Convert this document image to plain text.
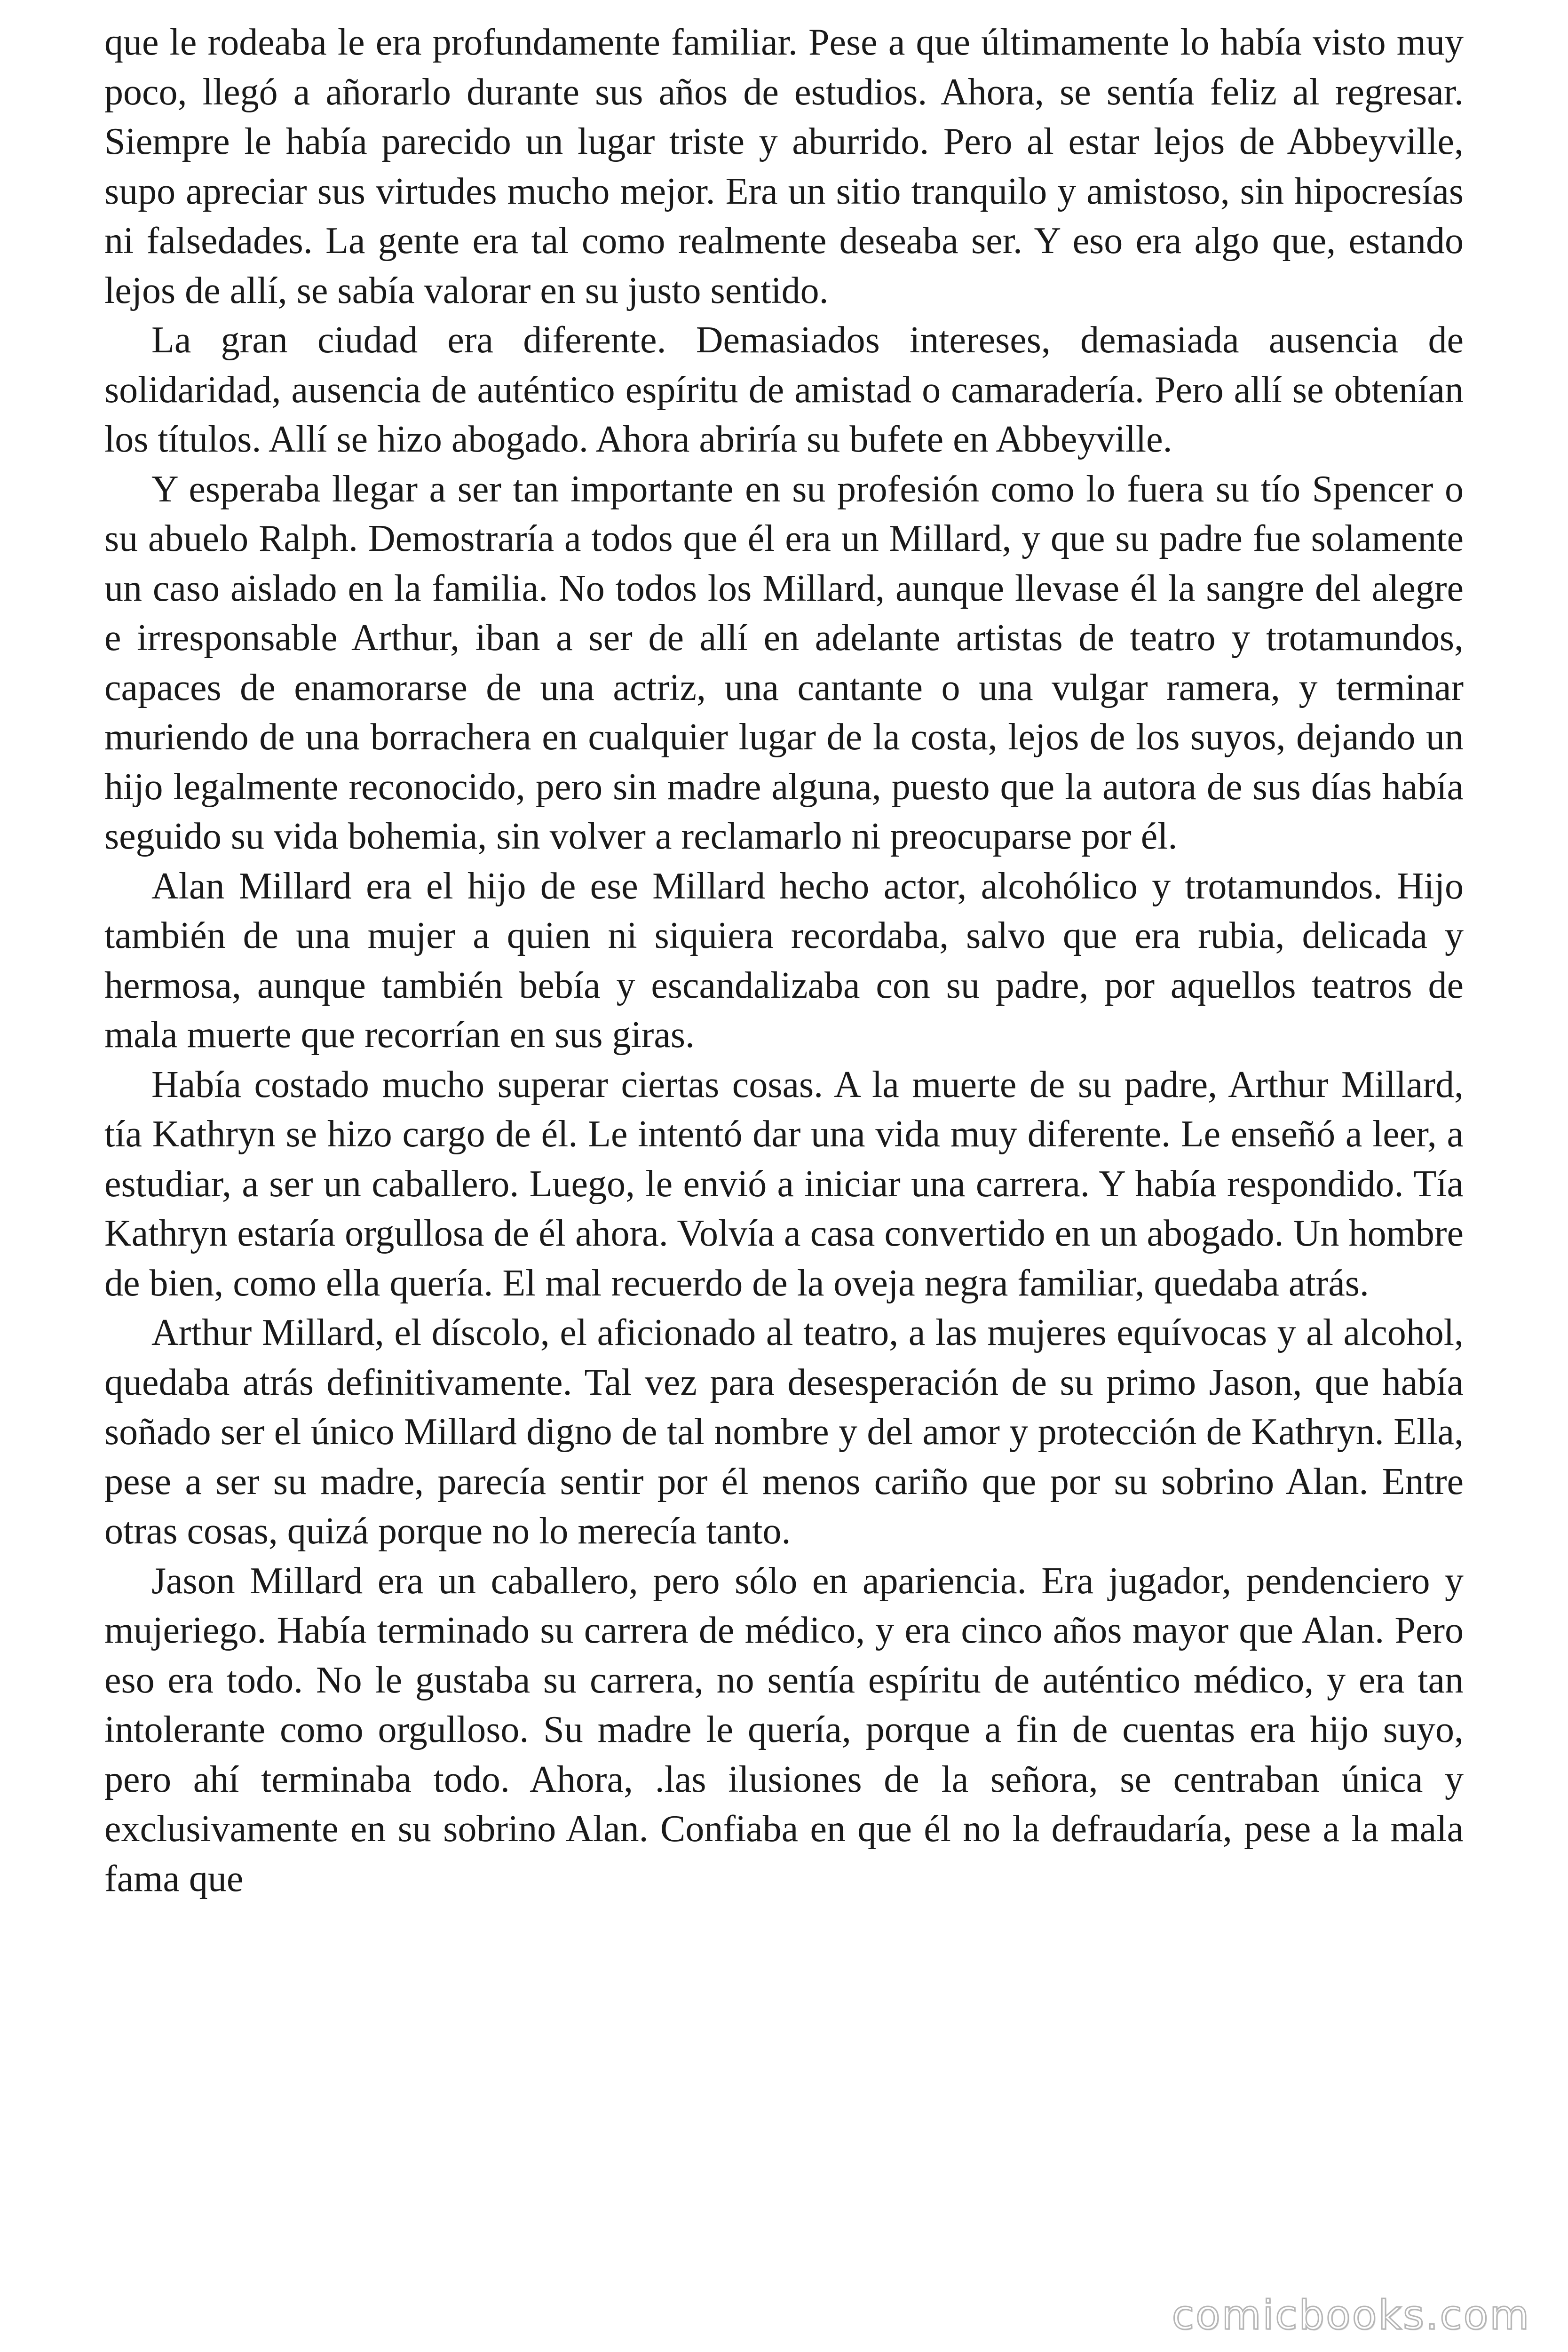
que le rodeaba le era profundamente familiar. Pese a que últimamente lo había visto muy poco, llegó a añorarlo durante sus años de estudios. Ahora, se sentía feliz al regresar. Siempre le había parecido un lugar triste y aburrido. Pero al estar lejos de Abbeyville, supo apreciar sus virtudes mucho mejor. Era un sitio tranquilo y amistoso, sin hipocresías ni falsedades. La gente era tal como realmente deseaba ser. Y eso era algo que, estando lejos de allí, se sabía valorar en su justo sentido.

La gran ciudad era diferente. Demasiados intereses, demasiada ausencia de solidaridad, ausencia de auténtico espíritu de amistad o camaradería. Pero allí se obtenían los títulos. Allí se hizo abogado. Ahora abriría su bufete en Abbeyville.

Y esperaba llegar a ser tan importante en su profesión como lo fuera su tío Spencer o su abuelo Ralph. Demostraría a todos que él era un Millard, y que su padre fue solamente un caso aislado en la familia. No todos los Millard, aunque llevase él la sangre del alegre e irresponsable Arthur, iban a ser de allí en adelante artistas de teatro y trotamundos, capaces de enamorarse de una actriz, una cantante o una vulgar ramera, y terminar muriendo de una borrachera en cualquier lugar de la costa, lejos de los suyos, dejando un hijo legalmente reconocido, pero sin madre alguna, puesto que la autora de sus días había seguido su vida bohemia, sin volver a reclamarlo ni preocuparse por él.

Alan Millard era el hijo de ese Millard hecho actor, alcohólico y trotamundos. Hijo también de una mujer a quien ni siquiera recordaba, salvo que era rubia, delicada y hermosa, aunque también bebía y escandalizaba con su padre, por aquellos teatros de mala muerte que recorrían en sus giras.

Había costado mucho superar ciertas cosas. A la muerte de su padre, Arthur Millard, tía Kathryn se hizo cargo de él. Le intentó dar una vida muy diferente. Le enseñó a leer, a estudiar, a ser un caballero. Luego, le envió a iniciar una carrera. Y había respondido. Tía Kathryn estaría orgullosa de él ahora. Volvía a casa convertido en un abogado. Un hombre de bien, como ella quería. El mal recuerdo de la oveja negra familiar, quedaba atrás.

Arthur Millard, el díscolo, el aficionado al teatro, a las mujeres equívocas y al alcohol, quedaba atrás definitivamente. Tal vez para desesperación de su primo Jason, que había soñado ser el único Millard digno de tal nombre y del amor y protección de Kathryn. Ella, pese a ser su madre, parecía sentir por él menos cariño que por su sobrino Alan. Entre otras cosas, quizá porque no lo merecía tanto.

Jason Millard era un caballero, pero sólo en apariencia. Era jugador, pendenciero y mujeriego. Había terminado su carrera de médico, y era cinco años mayor que Alan. Pero eso era todo. No le gustaba su carrera, no sentía espíritu de auténtico médico, y era tan intolerante como orgulloso. Su madre le quería, porque a fin de cuentas era hijo suyo, pero ahí terminaba todo. Ahora, .las ilusiones de la señora, se centraban única y exclusivamente en su sobrino Alan. Confiaba en que él no la defraudaría, pese a la mala fama que

comicbooks.com
